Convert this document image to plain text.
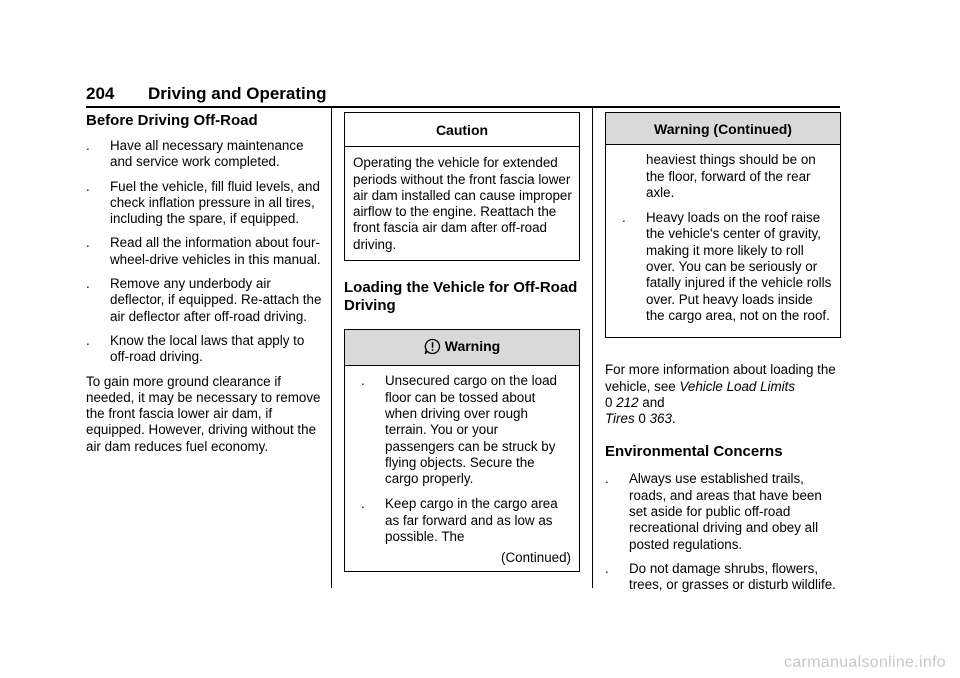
204 Driving and Operating
Before Driving Off-Road
. Have all necessary maintenance and service work completed.
. Fuel the vehicle, fill fluid levels, and check inflation pressure in all tires, including the spare, if equipped.
. Read all the information about four-wheel-drive vehicles in this manual.
. Remove any underbody air deflector, if equipped. Re-attach the air deflector after off-road driving.
. Know the local laws that apply to off-road driving.

To gain more ground clearance if needed, it may be necessary to remove the front fascia lower air dam, if equipped. However, driving without the air dam reduces fuel economy.

Caution
Operating the vehicle for extended periods without the front fascia lower air dam installed can cause improper airflow to the engine. Reattach the front fascia air dam after off-road driving.
Loading the Vehicle for Off-Road Driving
Warning
. Unsecured cargo on the load floor can be tossed about when driving over rough terrain. You or your passengers can be struck by flying objects. Secure the cargo properly.
. Keep cargo in the cargo area as far forward and as low as possible. The
(Continued)
Warning (Continued)
heaviest things should be on the floor, forward of the rear axle.
. Heavy loads on the roof raise the vehicle's center of gravity, making it more likely to roll over. You can be seriously or fatally injured if the vehicle rolls over. Put heavy loads inside the cargo area, not on the roof.

For more information about loading the vehicle, see Vehicle Load Limits
0 212 and
Tires 0 363.

Environmental Concerns
. Always use established trails, roads, and areas that have been set aside for public off-road recreational driving and obey all posted regulations.
. Do not damage shrubs, flowers, trees, or grasses or disturb wildlife.
carmanualsonline.info
